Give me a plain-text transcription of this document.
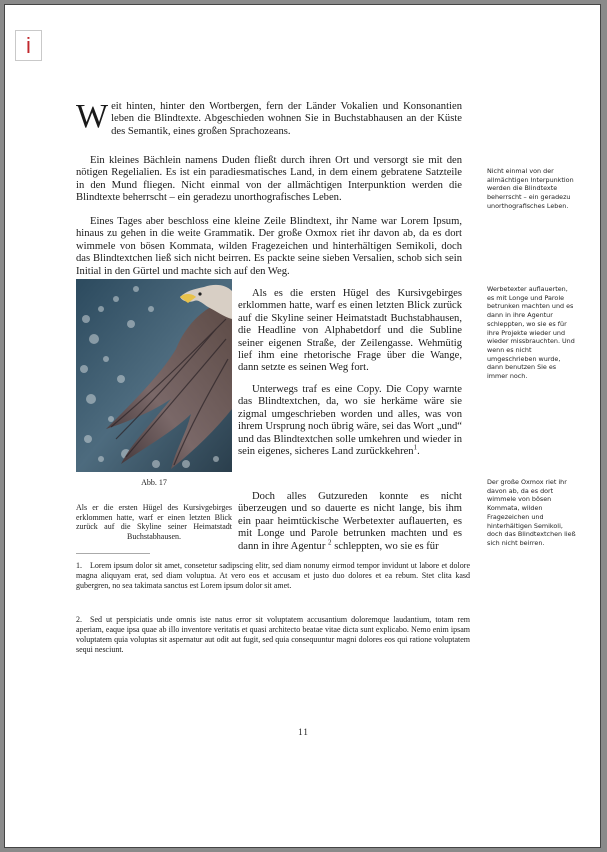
i
Weit hinten, hinter den Wortbergen, fern der Länder Vokalien und Konsonantien leben die Blindtexte. Abgeschieden wohnen Sie in Buchstabhausen an der Küste des Semantik, eines großen Sprachozeans.
Ein kleines Bächlein namens Duden fließt durch ihren Ort und versorgt sie mit den nötigen Regelialien. Es ist ein paradiesmatisches Land, in dem einem gebratene Satzteile in den Mund fliegen. Nicht einmal von der allmächtigen Interpunktion werden die Blindtexte beherrscht – ein geradezu unorthografisches Leben.
Eines Tages aber beschloss eine kleine Zeile Blindtext, ihr Name war Lorem Ipsum, hinaus zu gehen in die weite Grammatik. Der große Oxmox riet ihr davon ab, da es dort wimmele von bösen Kommata, wilden Fragezeichen und hinterhältigen Semikoli, doch das Blindtextchen ließ sich nicht beirren. Es packte seine sieben Versalien, schob sich sein Initial in den Gürtel und machte sich auf den Weg.
Abb. 17
Als er die ersten Hügel des Kursivgebirges erklommen hatte, warf er einen letzten Blick zurück auf die Skyline seiner Heimatstadt Buchstabhausen.
Als es die ersten Hügel des Kursivgebirges erklommen hatte, warf es einen letzten Blick zurück auf die Skyline seiner Heimatstadt Buchstabhausen, die Headline von Alphabetdorf und die Subline seiner eigenen Straße, der Zeilengasse. Wehmütig lief ihm eine rhetorische Frage über die Wange, dann setzte es seinen Weg fort.
Unterwegs traf es eine Copy. Die Copy warnte das Blindtextchen, da, wo sie herkäme wäre sie zigmal umgeschrieben worden und alles, was von ihrem Ursprung noch übrig wäre, sei das Wort „und“ und das Blindtextchen solle umkehren und wieder in sein eigenes, sicheres Land zurückkehren$^1$.
Doch alles Gutzureden konnte es nicht überzeugen und so dauerte es nicht lange, bis ihm ein paar heimtückische Werbetexter auflauerten, es mit Longe und Parole betrunken machten und es dann in ihre Agentur $^2$ schleppten, wo sie es für
Nicht einmal von der allmächtigen Interpunktion werden die Blindtexte beherrscht – ein geradezu unorthografisches Leben.
Werbetexter auflauerten, es mit Longe und Parole betrunken machten und es dann in ihre Agentur schleppten, wo sie es für ihre Projekte wieder und wieder missbrauchten. Und wenn es nicht umgeschrieben wurde, dann benutzen Sie es immer noch.
Der große Oxmox riet ihr davon ab, da es dort wimmele von bösen Kommata, wilden Fragezeichen und hinterhältigen Semikoli, doch das Blindtextchen ließ sich nicht beirren.
1. Lorem ipsum dolor sit amet, consetetur sadipscing elitr, sed diam nonumy eirmod tempor invidunt ut labore et dolore magna aliquyam erat, sed diam voluptua. At vero eos et accusam et justo duo dolores et ea rebum. Stet clita kasd gubergren, no sea takimata sanctus est Lorem ipsum dolor sit amet.
2. Sed ut perspiciatis unde omnis iste natus error sit voluptatem accusantium doloremque laudantium, totam rem aperiam, eaque ipsa quae ab illo inventore veritatis et quasi architecto beatae vitae dicta sunt explicabo. Nemo enim ipsam voluptatem quia voluptas sit aspernatur aut odit aut fugit, sed quia consequuntur magni dolores eos qui ratione voluptatem sequi nesciunt.
11
